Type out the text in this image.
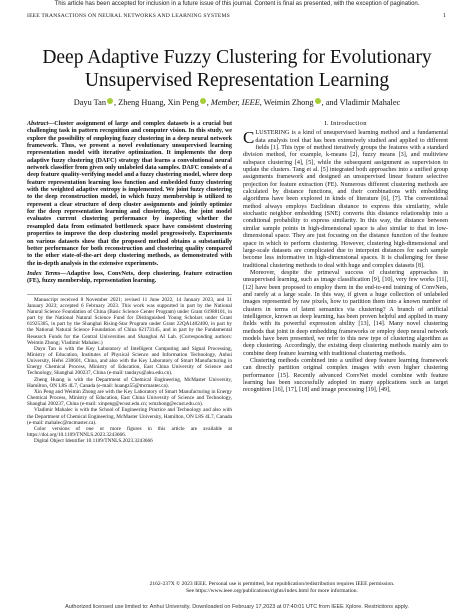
This article has been accepted for inclusion in a future issue of this journal. Content is final as presented, with the exception of pagination.
IEEE TRANSACTIONS ON NEURAL NETWORKS AND LEARNING SYSTEMS	1
Deep Adaptive Fuzzy Clustering for Evolutionary
Unsupervised Representation Learning
Dayu Tan , Zheng Huang, Xin Peng , Member, IEEE, Weimin Zhong , and Vladimir Mahalec
Abstract—Cluster assignment of large and complex datasets is a crucial but challenging task in pattern recognition and computer vision. In this study, we explore the possibility of employing fuzzy clustering in a deep neural network framework. Thus, we present a novel evolutionary unsupervised learning representation model with iterative optimization. It implements the deep adaptive fuzzy clustering (DAFC) strategy that learns a convolutional neural network classifier from given only unlabeled data samples. DAFC consists of a deep feature quality-verifying model and a fuzzy clustering model, where deep feature representation learning loss function and embedded fuzzy clustering with the weighted adaptive entropy is implemented. We joint fuzzy clustering to the deep reconstruction model, in which fuzzy membership is utilized to represent a clear structure of deep cluster assignments and jointly optimize for the deep representation learning and clustering. Also, the joint model evaluates current clustering performance by inspecting whether the resampled data from estimated bottleneck space have consistent clustering properties to improve the deep clustering model progressively. Experiments on various datasets show that the proposed method obtains a substantially better performance for both reconstruction and clustering quality compared to the other state-of-the-art deep clustering methods, as demonstrated with the in-depth analysis in the extensive experiments.
Index Terms—Adaptive loss, ConvNets, deep clustering, feature extraction (FE), fuzzy membership, representation learning.

Manuscript received 8 November 2021; revised 11 June 2022, 14 January 2023, and 31 January 2023; accepted 6 February 2023. This work was supported in part by the National Natural Science Foundation of China (Basic Science Center Program) under Grant 61988101, in part by the National Natural Science Fund for Distinguished Young Scholars under Grant 61925305, in part by the Shanghai Rising-Star Program under Grant 22QA1402400, in part by the National Natural Science Foundation of China 62173145, and in part by the Fundamental Research Funds for the Central Universities and Shanghai AI Lab. (Corresponding authors: Weimin Zhong; Vladimir Mahalec.)

Dayu Tan is with the Key Laboratory of Intelligent Computing and Signal Processing, Ministry of Education, Institutes of Physical Science and Information Technology, Anhui University, Hefei 230601, China, and also with the Key Laboratory of Smart Manufacturing in Energy Chemical Process, Ministry of Education, East China University of Science and Technology, Shanghai 200237, China (e-mail: tandayu@ahu.edu.cn).

Zheng Huang is with the Department of Chemical Engineering, McMaster University, Hamilton, ON L8S 4L7, Canada (e-mail: huangz55@mcmaster.ca).

Xin Peng and Weimin Zhong are with the Key Laboratory of Smart Manufacturing in Energy Chemical Process, Ministry of Education, East China University of Science and Technology, Shanghai 200237, China (e-mail: xinpeng@ecust.edu.cn; wmzhong@ecust.edu.cn).

Vladimir Mahalec is with the School of Engineering Practice and Technology and also with the Department of Chemical Engineering, McMaster University, Hamilton, ON L8S 4L7, Canada (e-mail: mahalec@mcmaster.ca).

Color versions of one or more figures in this article are available at https://doi.org/10.1109/TNNLS.2023.3243666.

Digital Object Identifier 10.1109/TNNLS.2023.3243666

I. Introduction

CLUSTERING is a kind of unsupervised learning method and a fundamental data analysis tool that has been extensively studied and applied to different fields [1]. This type of method iteratively groups the features with a standard division method, for example, k-means [2], fuzzy means [3], and multiview subspace clustering [4], [5], while the subsequent assignment as supervision to update the clusters. Tang et al. [5] integrated both approaches into a unified group assignments framework and designed an unsupervised linear feature selective projection for feature extraction (FE). Numerous different clustering methods are calculated by distance functions, and their combinations with embedding algorithms have been explored in kinds of literature [6], [7]. The conventional method always employs Euclidean distance to express this similarity, while stochastic neighbor embedding (SNE) converts this distance relationship into a conditional probability to express similarity. In this way, the distance between similar sample points in high-dimensional space is also similar to that in low-dimensional space. They are just focusing on the distance function of the feature space in which to perform clustering. However, clustering high-dimensional and large-scale datasets are complicated due to interpoint distances for each sample become less informative in high-dimensional spaces. It is challenging for these traditional clustering methods to deal with huge and complex datasets [8].

Moreover, despite the primeval success of clustering approaches in unsupervised learning, such as image classification [9], [10], very few works [11], [12] have been proposed to employ them in the end-to-end training of ConvNets, and rarely at a large scale. In this way, if given a huge collection of unlabeled images represented by raw pixels, how to partition them into a known number of clusters in terms of latent semantics via clustering? A branch of artificial intelligence, known as deep learning, has been proven helpful and applied in many fields with its powerful expression ability [13], [14]. Many novel clustering methods that joint in deep embedding frameworks or employ deep neural network models have been presented, we refer to this new type of clustering algorithm as deep clustering. Accordingly, the existing deep clustering methods mainly aim to combine deep feature learning with traditional clustering methods.

Clustering methods combined into a unified deep feature learning framework can directly partition original complex images with even higher clustering performance [15]. Recently advanced ConvNet model combine with feature learning has been successfully adopted in many applications such as target recognition [16], [17], [18] and image processing [19], [49],

2162-237X © 2023 IEEE. Personal use is permitted, but republication/redistribution requires IEEE permission.
See https://www.ieee.org/publications/rights/index.html for more information.
Authorized licensed use limited to: Anhui University. Downloaded on February 17,2023 at 07:40:01 UTC from IEEE Xplore. Restrictions apply.
